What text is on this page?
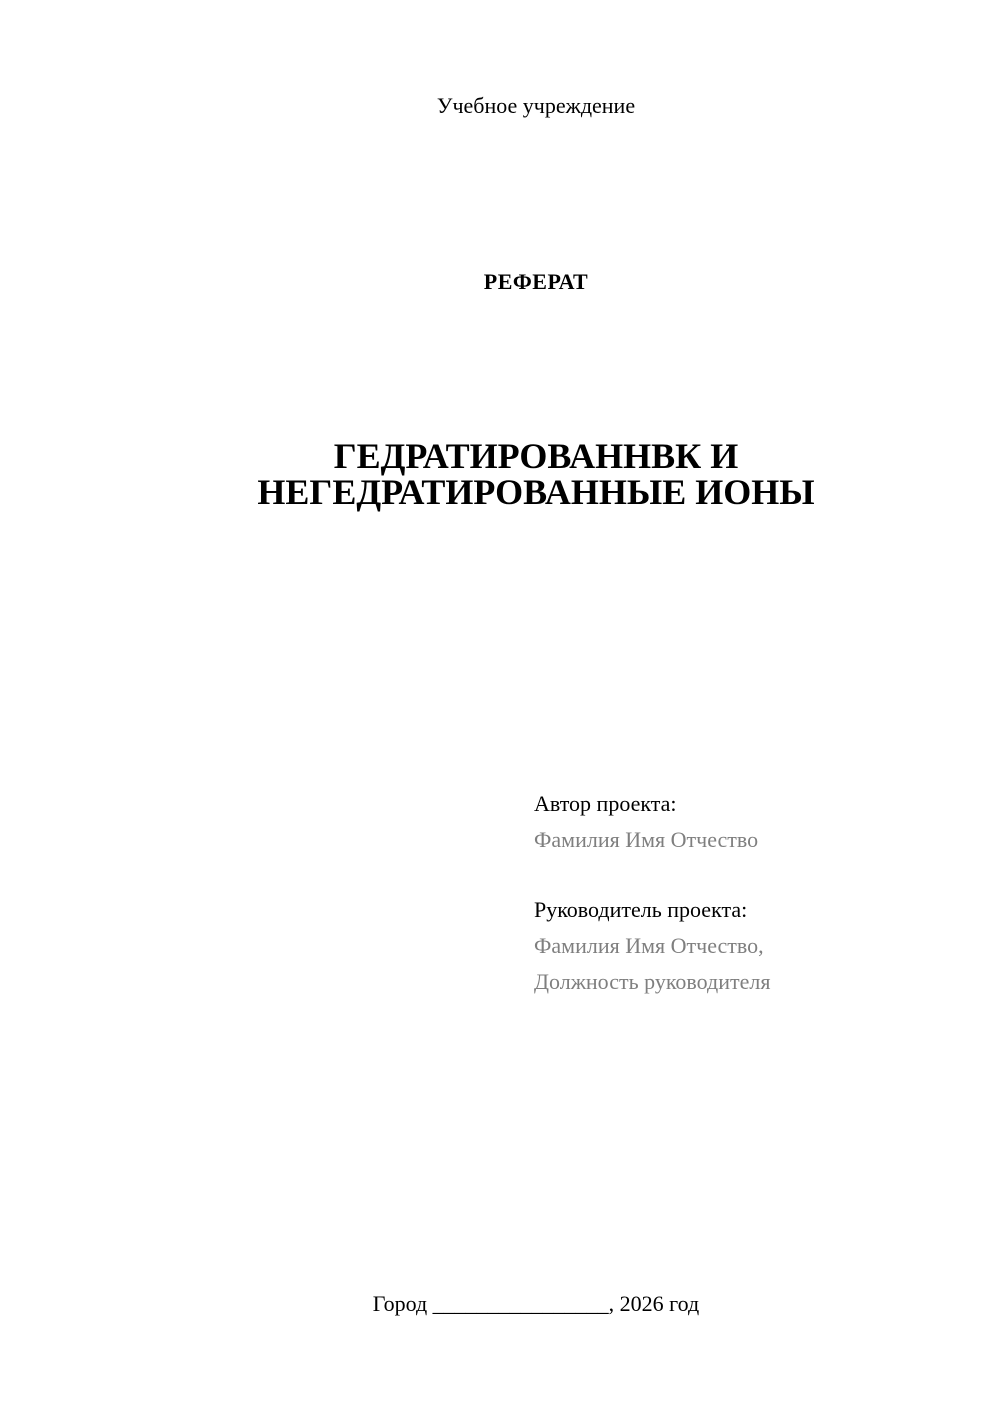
Учебное учреждение
РЕФЕРАТ
ГЕДРАТИРОВАННВК И
НЕГЕДРАТИРОВАННЫЕ ИОНЫ
Автор проекта:
Фамилия Имя Отчество
Руководитель проекта:
Фамилия Имя Отчество,
Должность руководителя
Город ________________, 2026 год
